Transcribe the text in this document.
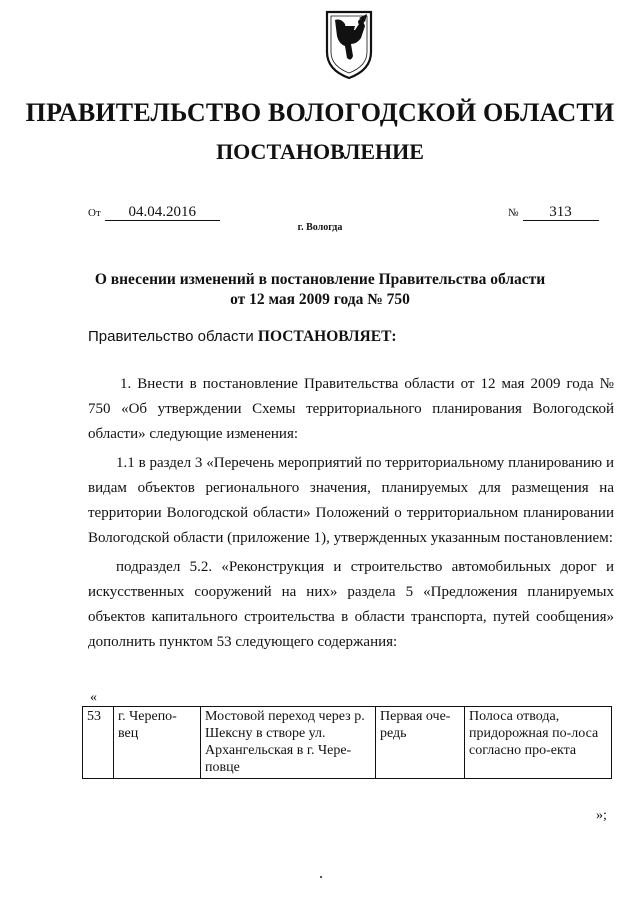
ПРАВИТЕЛЬСТВО ВОЛОГОДСКОЙ ОБЛАСТИ
ПОСТАНОВЛЕНИЕ
От 04.04.2016	№ 313
г. Вологда
О внесении изменений в постановление Правительства области
от 12 мая 2009 года № 750
Правительство области ПОСТАНОВЛЯЕТ:

1. Внести в постановление Правительства области от 12 мая 2009 года № 750 «Об утверждении Схемы территориального планирования Вологодской области» следующие изменения:

1.1 в раздел 3 «Перечень мероприятий по территориальному планированию и видам объектов регионального значения, планируемых для размещения на территории Вологодской области» Положений о территориальном планировании Вологодской области (приложение 1), утвержденных указанным постановлением:

подраздел 5.2. «Реконструкция и строительство автомобильных дорог и искусственных сооружений на них» раздела 5 «Предложения планируемых объектов капитального строительства в области транспорта, путей сообщения» дополнить пунктом 53 следующего содержания:

«
53	г. Черепо-вец	Мостовой переход через р. Шексну в створе ул. Архангельская в г. Чере-повце	Первая оче-редь	Полоса отвода, придорожная по-лоса согласно про-екта
»;
